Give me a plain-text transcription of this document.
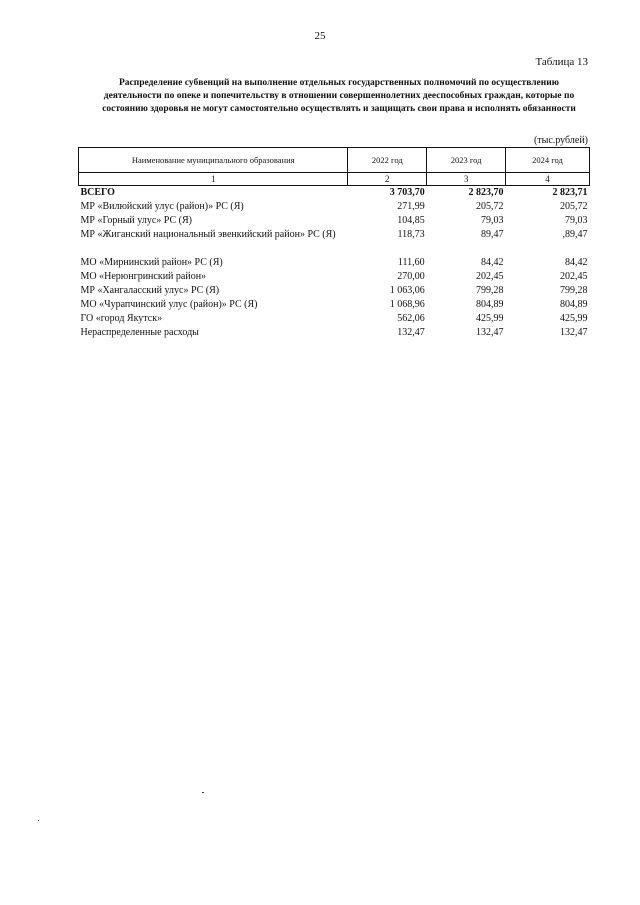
25
Таблица 13
Распределение субвенций на выполнение отдельных государственных полномочий по осуществлению
деятельности по опеке и попечительству в отношении совершеннолетних дееспособных граждан, которые по
состоянию здоровья не могут самостоятельно осуществлять и защищать свои права и исполнять обязанности
(тыс.рублей)
Наименование муниципального образования	2022 год	2023 год	2024 год
1	2	3	4
ВСЕГО	3 703,70	2 823,70	2 823,71
МР «Вилюйский улус (район)» РС (Я)	271,99	205,72	205,72
МР «Горный улус» РС (Я)	104,85	79,03	79,03
МР «Жиганский национальный эвенкийский район» РС (Я)	118,73	89,47	,89,47

МО «Мирнинский район» РС (Я)	111,60	84,42	84,42
МО «Нерюнгринский район»	270,00	202,45	202,45
МР «Хангаласский улус» РС (Я)	1 063,06	799,28	799,28
МО «Чурапчинский улус (район)» РС (Я)	1 068,96	804,89	804,89
ГО «город Якутск»	562,06	425,99	425,99
Нераспределенные расходы	132,47	132,47	132,47
